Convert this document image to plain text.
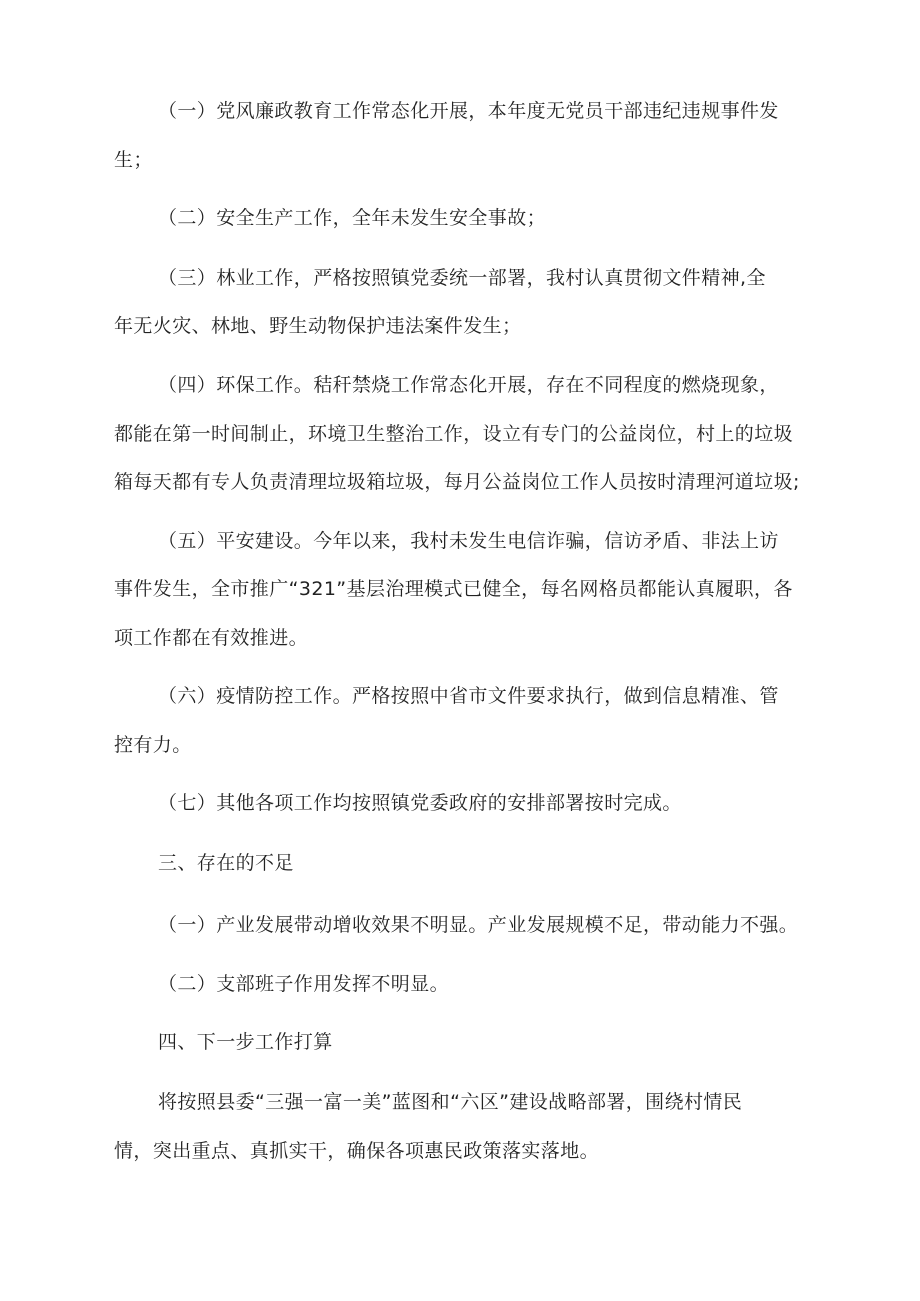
（一）党风廉政教育工作常态化开展，本年度无党员干部违纪违规事件发
生；
（二）安全生产工作，全年未发生安全事故；
（三）林业工作，严格按照镇党委统一部署，我村认真贯彻文件精神,全
年无火灾、林地、野生动物保护违法案件发生；
（四）环保工作。秸秆禁烧工作常态化开展，存在不同程度的燃烧现象，
都能在第一时间制止，环境卫生整治工作，设立有专门的公益岗位，村上的垃圾
箱每天都有专人负责清理垃圾箱垃圾，每月公益岗位工作人员按时清理河道垃圾;
（五）平安建设。今年以来，我村未发生电信诈骗，信访矛盾、非法上访
事件发生，全市推广“321”基层治理模式已健全，每名网格员都能认真履职，各
项工作都在有效推进。
（六）疫情防控工作。严格按照中省市文件要求执行，做到信息精准、管
控有力。
（七）其他各项工作均按照镇党委政府的安排部署按时完成。
三、存在的不足
（一）产业发展带动增收效果不明显。产业发展规模不足，带动能力不强。
（二）支部班子作用发挥不明显。
四、下一步工作打算
将按照县委“三强一富一美”蓝图和“六区”建设战略部署，围绕村情民
情，突出重点、真抓实干，确保各项惠民政策落实落地。
